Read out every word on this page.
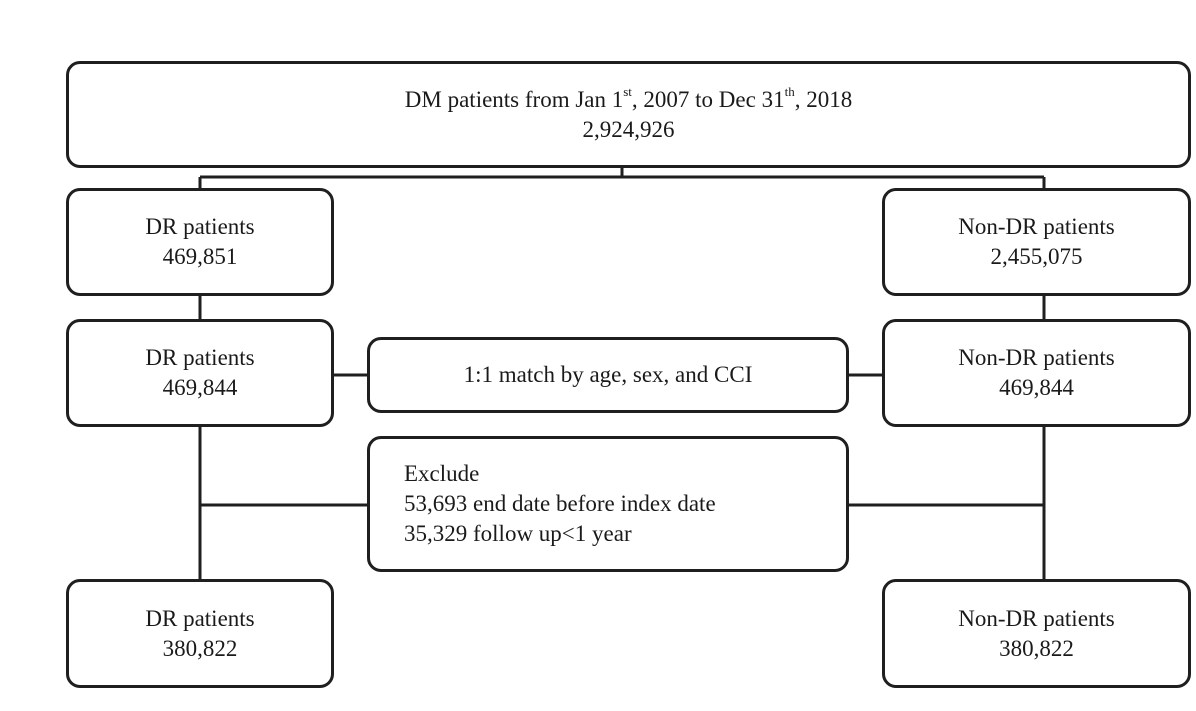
DM patients from Jan 1st, 2007 to Dec 31th, 2018
2,924,926
DR patients
469,851
Non-DR patients
2,455,075
DR patients
469,844
1:1 match by age, sex, and CCI
Non-DR patients
469,844
Exclude
53,693 end date before index date
35,329 follow up<1 year
DR patients
380,822
Non-DR patients
380,822
